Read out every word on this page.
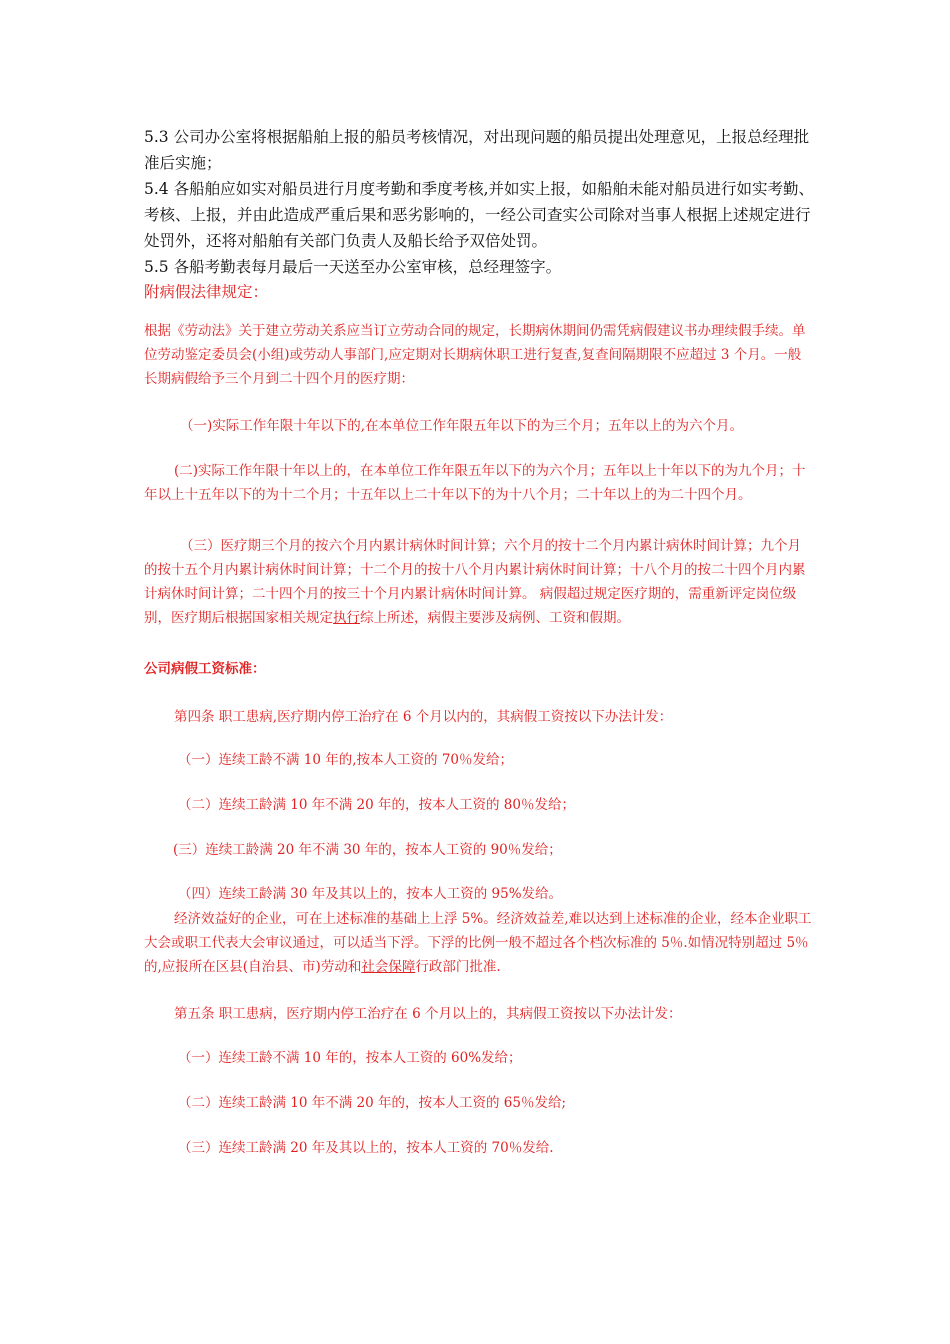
5.3 公司办公室将根据船舶上报的船员考核情况，对出现问题的船员提出处理意见，上报总经理批准后实施；

5.4 各船舶应如实对船员进行月度考勤和季度考核,并如实上报，如船舶未能对船员进行如实考勤、考核、上报，并由此造成严重后果和恶劣影响的，一经公司查实公司除对当事人根据上述规定进行处罚外，还将对船舶有关部门负责人及船长给予双倍处罚。

5.5 各船考勤表每月最后一天送至办公室审核，总经理签字。

附病假法律规定：

根据《劳动法》关于建立劳动关系应当订立劳动合同的规定，长期病休期间仍需凭病假建议书办理续假手续。单位劳动鉴定委员会(小组)或劳动人事部门,应定期对长期病休职工进行复查,复查间隔期限不应超过 3 个月。一般长期病假给予三个月到二十四个月的医疗期：

（一)实际工作年限十年以下的,在本单位工作年限五年以下的为三个月；五年以上的为六个月。

(二)实际工作年限十年以上的，在本单位工作年限五年以下的为六个月；五年以上十年以下的为九个月；十年以上十五年以下的为十二个月；十五年以上二十年以下的为十八个月；二十年以上的为二十四个月。

（三）医疗期三个月的按六个月内累计病休时间计算；六个月的按十二个月内累计病休时间计算；九个月的按十五个月内累计病休时间计算；十二个月的按十八个月内累计病休时间计算；十八个月的按二十四个月内累计病休时间计算；二十四个月的按三十个月内累计病休时间计算。 病假超过规定医疗期的，需重新评定岗位级别，医疗期后根据国家相关规定执行综上所述，病假主要涉及病例、工资和假期。

公司病假工资标准：

第四条 职工患病,医疗期内停工治疗在 6 个月以内的，其病假工资按以下办法计发：

（一）连续工龄不满 10 年的,按本人工资的 70％发给；

（二）连续工龄满 10 年不满 20 年的，按本人工资的 80％发给；

(三）连续工龄满 20 年不满 30 年的，按本人工资的 90％发给；

（四）连续工龄满 30 年及其以上的，按本人工资的 95%发给。

经济效益好的企业，可在上述标准的基础上上浮 5%。经济效益差,难以达到上述标准的企业，经本企业职工大会或职工代表大会审议通过，可以适当下浮。下浮的比例一般不超过各个档次标准的 5％.如情况特别超过 5％的,应报所在区县(自治县、市)劳动和社会保障行政部门批准.

第五条 职工患病，医疗期内停工治疗在 6 个月以上的，其病假工资按以下办法计发：

（一）连续工龄不满 10 年的，按本人工资的 60%发给；

（二）连续工龄满 10 年不满 20 年的，按本人工资的 65％发给;

（三）连续工龄满 20 年及其以上的，按本人工资的 70％发给.
